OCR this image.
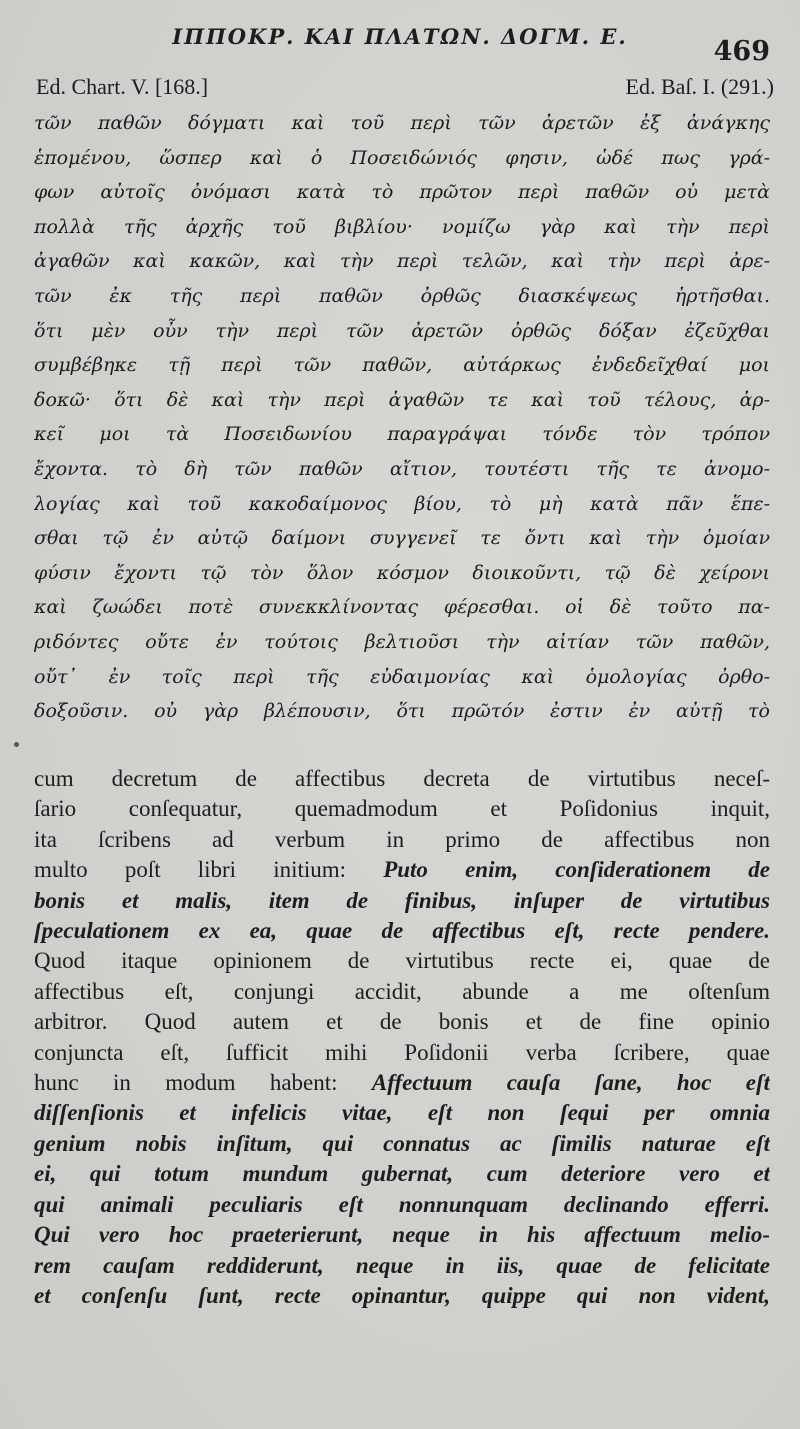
ΙΠΠΟΚΡ. ΚΑΙ ΠΛΑΤΩΝ. ΔΟΓΜ. Ε.	469
Ed. Chart. V. [168.]	Ed. Baſ. I. (291.)
τῶν παθῶν δόγματι καὶ τοῦ περὶ τῶν ἀρετῶν ἐξ ἀνάγκης
ἑπομένου, ὥσπερ καὶ ὁ Ποσειδώνιός φησιν, ὡδέ πως γρά-
φων αὐτοῖς ὀνόμασι κατὰ τὸ πρῶτον περὶ παθῶν οὐ μετὰ
πολλὰ τῆς ἀρχῆς τοῦ βιβλίου· νομίζω γὰρ καὶ τὴν περὶ
ἀγαθῶν καὶ κακῶν, καὶ τὴν περὶ τελῶν, καὶ τὴν περὶ ἀρε-
τῶν ἐκ τῆς περὶ παθῶν ὀρθῶς διασκέψεως ἠρτῆσθαι.
ὅτι μὲν οὖν τὴν περὶ τῶν ἀρετῶν ὀρθῶς δόξαν ἐζεῦχθαι
συμβέβηκε τῇ περὶ τῶν παθῶν, αὐτάρκως ἐνδεδεῖχθαί μοι
δοκῶ· ὅτι δὲ καὶ τὴν περὶ ἀγαθῶν τε καὶ τοῦ τέλους, ἀρ-
κεῖ μοι τὰ Ποσειδωνίου παραγράψαι τόνδε τὸν τρόπον
ἔχοντα. τὸ δὴ τῶν παθῶν αἴτιον, τουτέστι τῆς τε ἀνομο-
λογίας καὶ τοῦ κακοδαίμονος βίου, τὸ μὴ κατὰ πᾶν ἕπε-
σθαι τῷ ἐν αὐτῷ δαίμονι συγγενεῖ τε ὄντι καὶ τὴν ὁμοίαν
φύσιν ἔχοντι τῷ τὸν ὅλον κόσμον διοικοῦντι, τῷ δὲ χείρονι
καὶ ζωώδει ποτὲ συνεκκλίνοντας φέρεσθαι. οἱ δὲ τοῦτο πα-
ριδόντες οὔτε ἐν τούτοις βελτιοῦσι τὴν αἰτίαν τῶν παθῶν,
οὔτ᾽ ἐν τοῖς περὶ τῆς εὐδαιμονίας καὶ ὁμολογίας ὀρθο-
δοξοῦσιν. οὐ γὰρ βλέπουσιν, ὅτι πρῶτόν ἐστιν ἐν αὐτῇ τὸ
cum decretum de affectibus decreta de virtutibus neceſ-
ſario conſequatur, quemadmodum et Poſidonius inquit,
ita ſcribens ad verbum in primo de affectibus non
multo poſt libri initium: Puto enim, conſiderationem de
bonis et malis, item de finibus, inſuper de virtutibus
ſpeculationem ex ea, quae de affectibus eſt, recte pendere.
Quod itaque opinionem de virtutibus recte ei, quae de
affectibus eſt, conjungi accidit, abunde a me oſtenſum
arbitror. Quod autem et de bonis et de fine opinio
conjuncta eſt, ſufficit mihi Poſidonii verba ſcribere, quae
hunc in modum habent: Affectuum cauſa ſane, hoc eſt
diſſenſionis et infelicis vitae, eſt non ſequi per omnia
genium nobis inſitum, qui connatus ac ſimilis naturae eſt
ei, qui totum mundum gubernat, cum deteriore vero et
qui animali peculiaris eſt nonnunquam declinando efferri.
Qui vero hoc praeterierunt, neque in his affectuum melio-
rem cauſam reddiderunt, neque in iis, quae de felicitate
et conſenſu ſunt, recte opinantur, quippe qui non vident,
